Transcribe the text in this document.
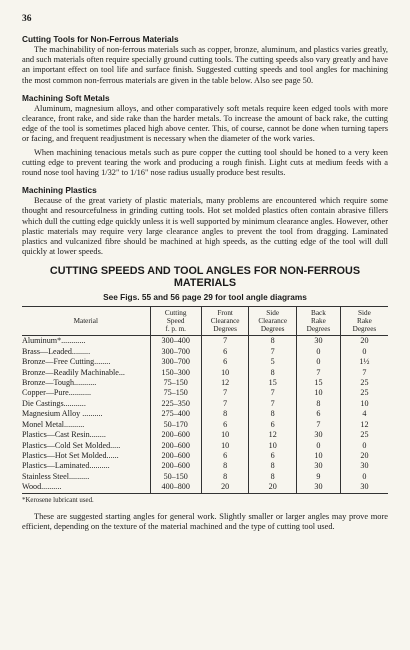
36
Cutting Tools for Non-Ferrous Materials

The machinability of non-ferrous materials such as copper, bronze, aluminum, and plastics varies greatly, and such materials often require specially ground cutting tools. The cutting speeds also vary greatly and have an important effect on tool life and surface finish. Suggested cutting speeds and tool angles for machining the most common non-ferrous materials are given in the table below. Also see page 50.

Machining Soft Metals

Aluminum, magnesium alloys, and other comparatively soft metals require keen edged tools with more clearance, front rake, and side rake than the harder metals. To increase the amount of back rake, the cutting edge of the tool is sometimes placed high above center. This, of course, cannot be done when turning tapers or facing, and frequent readjustment is necessary when the diameter of the work varies.

When machining tenacious metals such as pure copper the cutting tool should be honed to a very keen cutting edge to prevent tearing the work and producing a rough finish. Light cuts at medium feeds with a round nose tool having 1/32" to 1/16" nose radius usually produce best results.

Machining Plastics

Because of the great variety of plastic materials, many problems are encountered which require some thought and resourcefulness in grinding cutting tools. Hot set molded plastics often contain abrasive fillers which dull the cutting edge quickly unless it is well supported by minimum clearance angles. However, other plastic materials may require very large clearance angles to prevent the tool from dragging. Laminated plastics and vulcanized fibre should be machined at high speeds, as the cutting edge of the tool will dull quickly at lower speeds.

CUTTING SPEEDS AND TOOL ANGLES FOR NON-FERROUS MATERIALS
See Figs. 55 and 56 page 29 for tool angle diagrams
Material	Cutting
Speed
f. p. m.	Front
Clearance
Degrees	Side
Clearance
Degrees	Back
Rake
Degrees	Side
Rake
Degrees
Aluminum*............	300–400	7	8	30	20
Brass—Leaded.........	300–700	6	7	0	0
Bronze—Free Cutting........	300–700	6	5	0	1½
Bronze—Readily Machinable...	150–300	10	8	7	7
Bronze—Tough...........	75–150	12	15	15	25
Copper—Pure...........	75–150	7	7	10	25
Die Castings...........	225–350	7	7	8	10
Magnesium Alloy ..........	275–400	8	8	6	4
Monel Metal..........	50–170	6	6	7	12
Plastics—Cast Resin........	200–600	10	12	30	25
Plastics—Cold Set Molded.....	200–600	10	10	0	0
Plastics—Hot Set Molded......	200–600	6	6	10	20
Plastics—Laminated..........	200–600	8	8	30	30
Stainless Steel..........	50–150	8	8	9	0
Wood..........	400–800	20	20	30	30
*Kerosene lubricant used.

These are suggested starting angles for general work. Slightly smaller or larger angles may prove more efficient, depending on the texture of the material machined and the type of cutting tool used.
